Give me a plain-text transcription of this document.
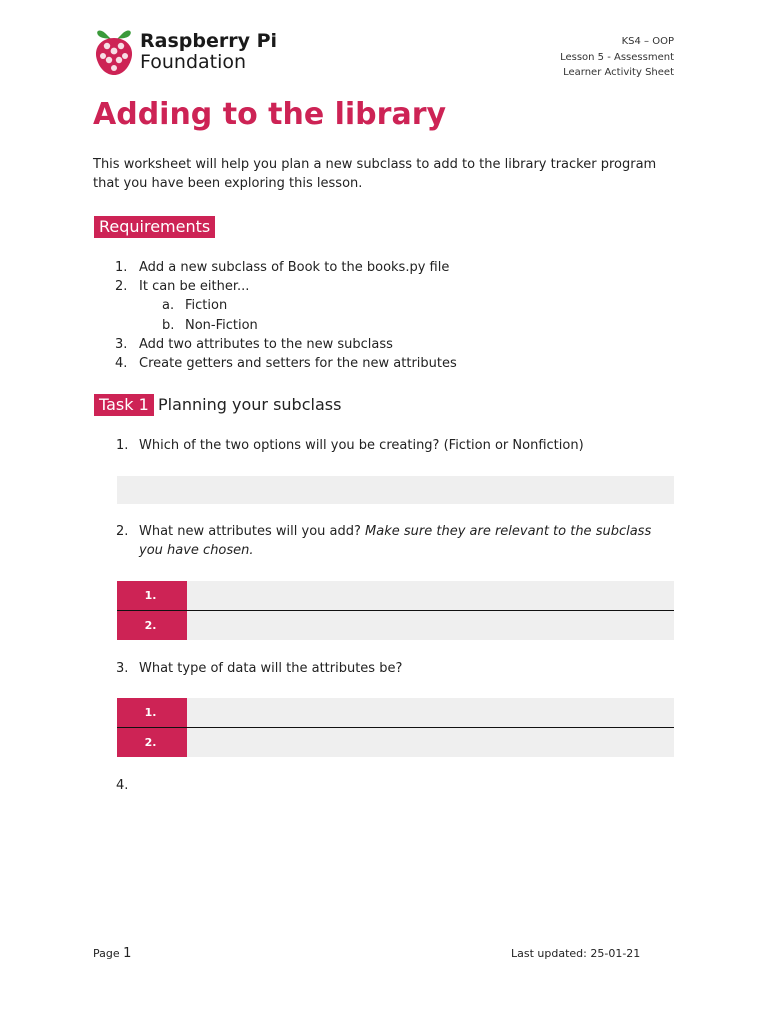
Raspberry Pi
Foundation
KS4 – OOP
Lesson 5 - Assessment
Learner Activity Sheet
Adding to the library
This worksheet will help you plan a new subclass to add to the library tracker program that you have been exploring this lesson.
Requirements
1. Add a new subclass of Book to the books.py file
2. It can be either...
a. Fiction
b. Non-Fiction
3. Add two attributes to the new subclass
4. Create getters and setters for the new attributes
Task 1 Planning your subclass
1. Which of the two options will you be creating? (Fiction or Nonfiction)
2. What new attributes will you add? Make sure they are relevant to the subclass you have chosen.
1.
2.
3. What type of data will the attributes be?
1.
2.
4.
Page 1	Last updated: 25-01-21
